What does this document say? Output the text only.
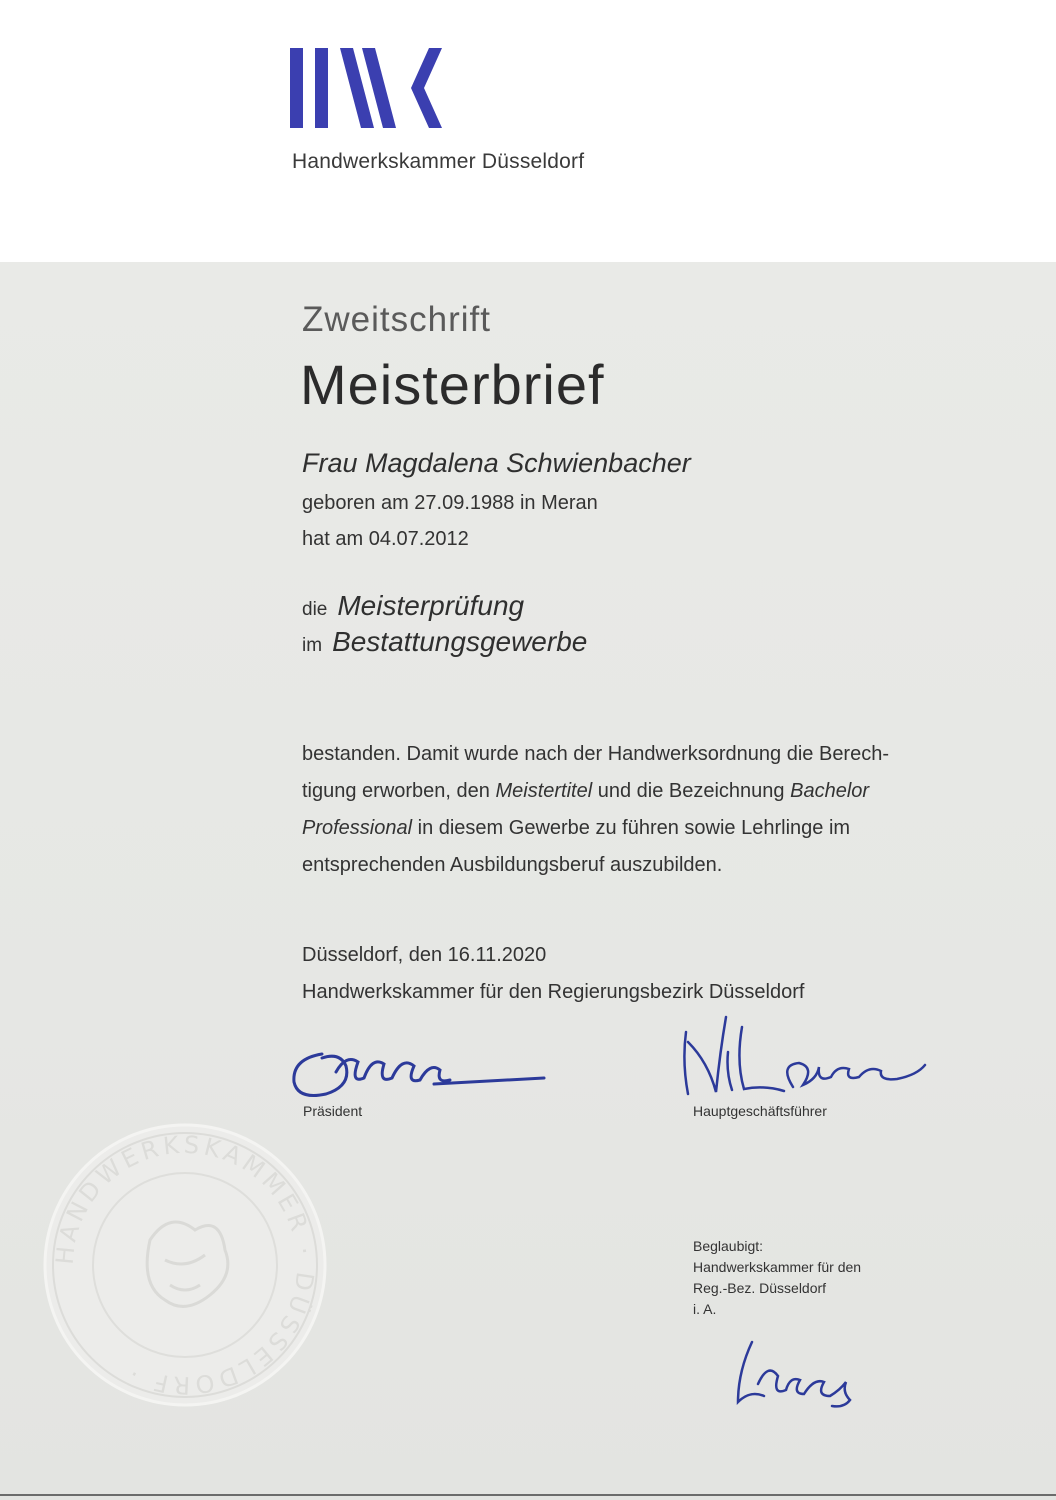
Handwerkskammer Düsseldorf
HANDWERKSKAMMER · DÜSSELDORF ·
Zweitschrift
Meisterbrief
Frau Magdalena Schwienbacher
geboren am 27.09.1988 in Meran
hat am 04.07.2012
die Meisterprüfung
im Bestattungsgewerbe
bestanden. Damit wurde nach der Handwerksordnung die Berech-
tigung erworben, den Meistertitel und die Bezeichnung Bachelor
Professional in diesem Gewerbe zu führen sowie Lehrlinge im
entsprechenden Ausbildungsberuf auszubilden.
Düsseldorf, den 16.11.2020
Handwerkskammer für den Regierungsbezirk Düsseldorf
Präsident	Hauptgeschäftsführer
Beglaubigt:
Handwerkskammer für den
Reg.-Bez. Düsseldorf
i. A.
